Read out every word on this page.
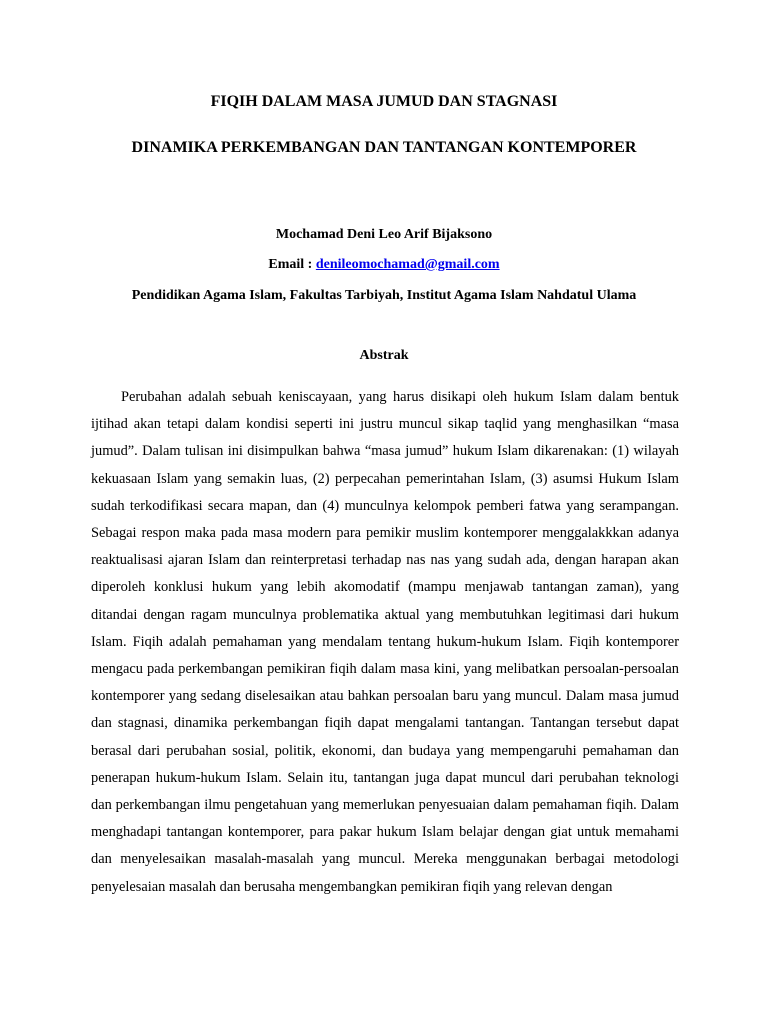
FIQIH DALAM MASA JUMUD DAN STAGNASI
DINAMIKA PERKEMBANGAN DAN TANTANGAN KONTEMPORER
Mochamad Deni Leo Arif Bijaksono
Email : denileomochamad@gmail.com
Pendidikan Agama Islam, Fakultas Tarbiyah, Institut Agama Islam Nahdatul Ulama
Abstrak

Perubahan adalah sebuah keniscayaan, yang harus disikapi oleh hukum Islam dalam bentuk ijtihad akan tetapi dalam kondisi seperti ini justru muncul sikap taqlid yang menghasilkan “masa jumud”. Dalam tulisan ini disimpulkan bahwa “masa jumud” hukum Islam dikarenakan: (1) wilayah kekuasaan Islam yang semakin luas, (2) perpecahan pemerintahan Islam, (3) asumsi Hukum Islam sudah terkodifikasi secara mapan, dan (4) munculnya kelompok pemberi fatwa yang serampangan. Sebagai respon maka pada masa modern para pemikir muslim kontemporer menggalakkkan adanya reaktualisasi ajaran Islam dan reinterpretasi terhadap nas nas yang sudah ada, dengan harapan akan diperoleh konklusi hukum yang lebih akomodatif (mampu menjawab tantangan zaman), yang ditandai dengan ragam munculnya problematika aktual yang membutuhkan legitimasi dari hukum Islam. Fiqih adalah pemahaman yang mendalam tentang hukum-hukum Islam. Fiqih kontemporer mengacu pada perkembangan pemikiran fiqih dalam masa kini, yang melibatkan persoalan-persoalan kontemporer yang sedang diselesaikan atau bahkan persoalan baru yang muncul. Dalam masa jumud dan stagnasi, dinamika perkembangan fiqih dapat mengalami tantangan. Tantangan tersebut dapat berasal dari perubahan sosial, politik, ekonomi, dan budaya yang mempengaruhi pemahaman dan penerapan hukum-hukum Islam. Selain itu, tantangan juga dapat muncul dari perubahan teknologi dan perkembangan ilmu pengetahuan yang memerlukan penyesuaian dalam pemahaman fiqih. Dalam menghadapi tantangan kontemporer, para pakar hukum Islam belajar dengan giat untuk memahami dan menyelesaikan masalah-masalah yang muncul. Mereka menggunakan berbagai metodologi penyelesaian masalah dan berusaha mengembangkan pemikiran fiqih yang relevan dengan
